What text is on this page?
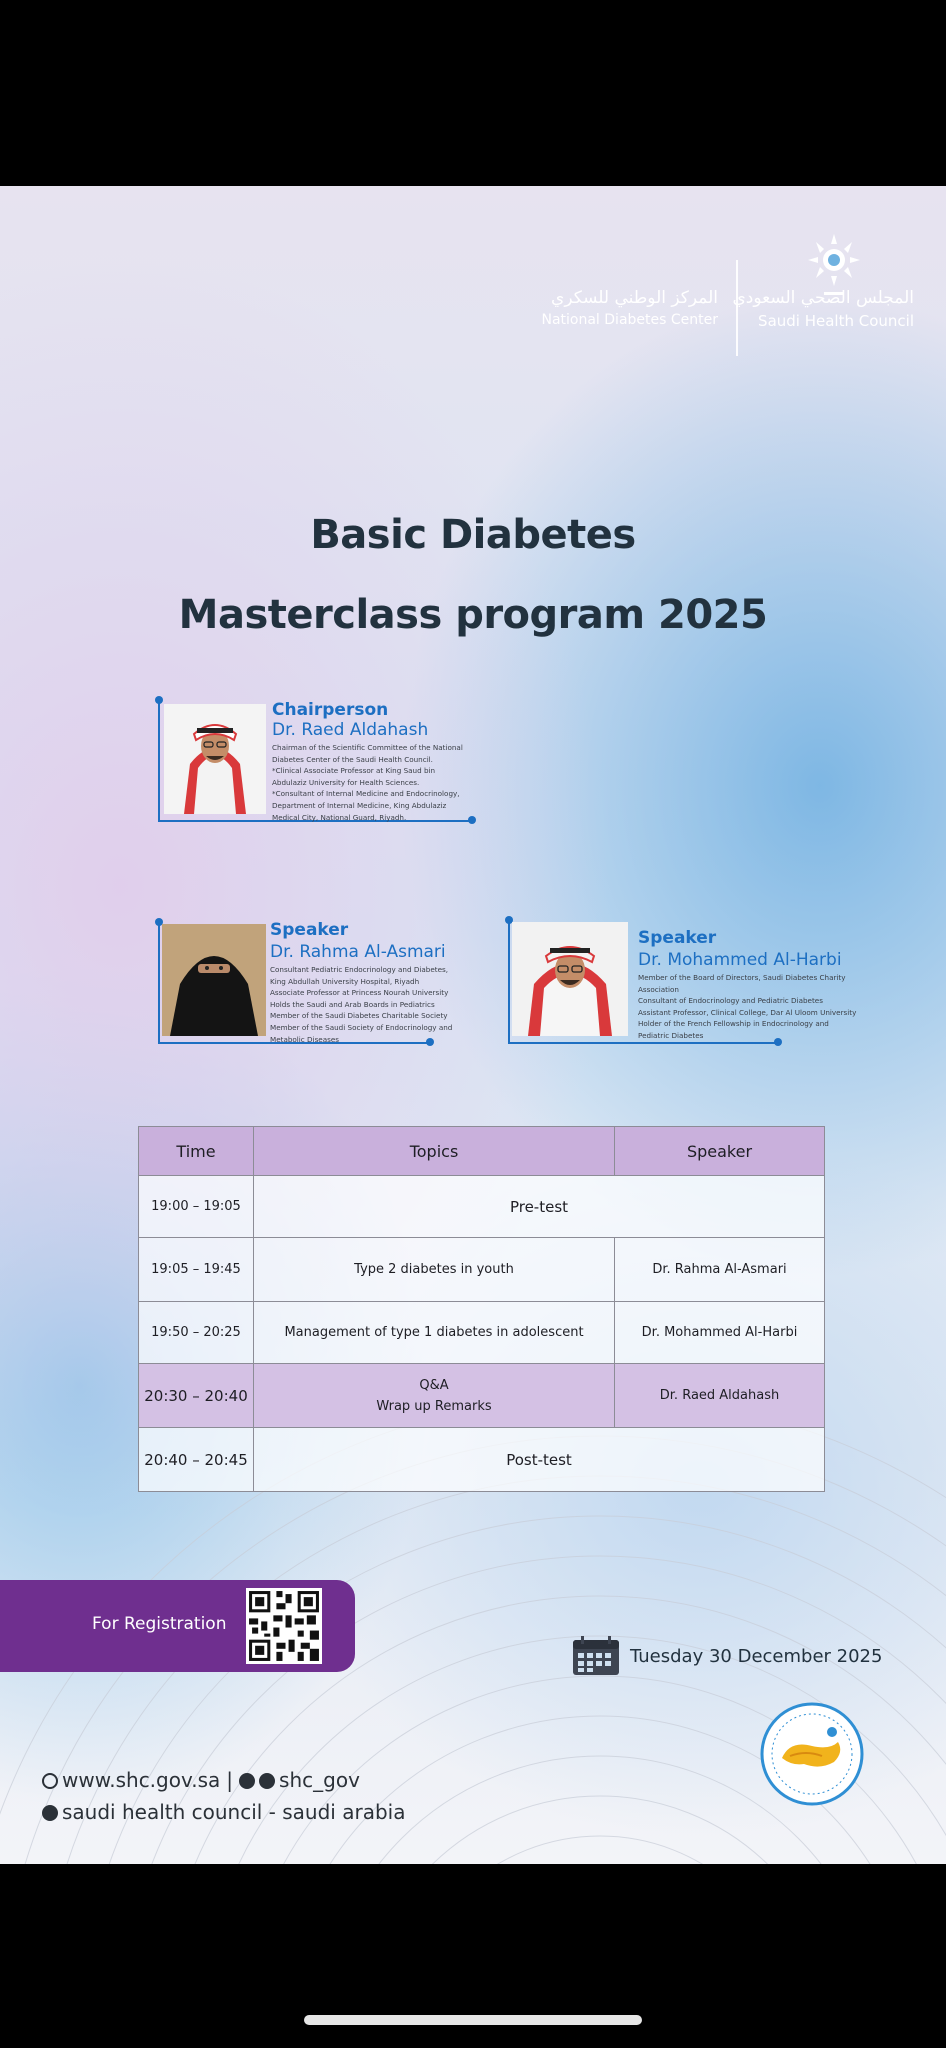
المجلس الصحي السعودي
Saudi Health Council
المركز الوطني للسكري
National Diabetes Center
Basic Diabetes
Masterclass program 2025
Chairperson
Dr. Raed Aldahash
Chairman of the Scientific Committee of the National
Diabetes Center of the Saudi Health Council.
*Clinical Associate Professor at King Saud bin
Abdulaziz University for Health Sciences.
*Consultant of Internal Medicine and Endocrinology,
Department of Internal Medicine, King Abdulaziz
Medical City, National Guard, Riyadh.
Speaker
Dr. Rahma Al-Asmari
Consultant Pediatric Endocrinology and Diabetes,
King Abdullah University Hospital, Riyadh
Associate Professor at Princess Nourah University
Holds the Saudi and Arab Boards in Pediatrics
Member of the Saudi Diabetes Charitable Society
Member of the Saudi Society of Endocrinology and
Metabolic Diseases
Speaker
Dr. Mohammed Al-Harbi
Member of the Board of Directors, Saudi Diabetes Charity
Association
Consultant of Endocrinology and Pediatric Diabetes
Assistant Professor, Clinical College, Dar Al Uloom University
Holder of the French Fellowship in Endocrinology and
Pediatric Diabetes
Time	Topics	Speaker
19:00 – 19:05	Pre-test	
19:05 – 19:45	Type 2 diabetes in youth	Dr. Rahma Al-Asmari
19:50 – 20:25	Management of type 1 diabetes in adolescent	Dr. Mohammed Al-Harbi
20:30 – 20:40	Q&A
Wrap up Remarks	Dr. Raed Aldahash
20:40 – 20:45	Post-test	
For Registration
Tuesday 30 December 2025
www.shc.gov.sa | shc_gov
saudi health council - saudi arabia
